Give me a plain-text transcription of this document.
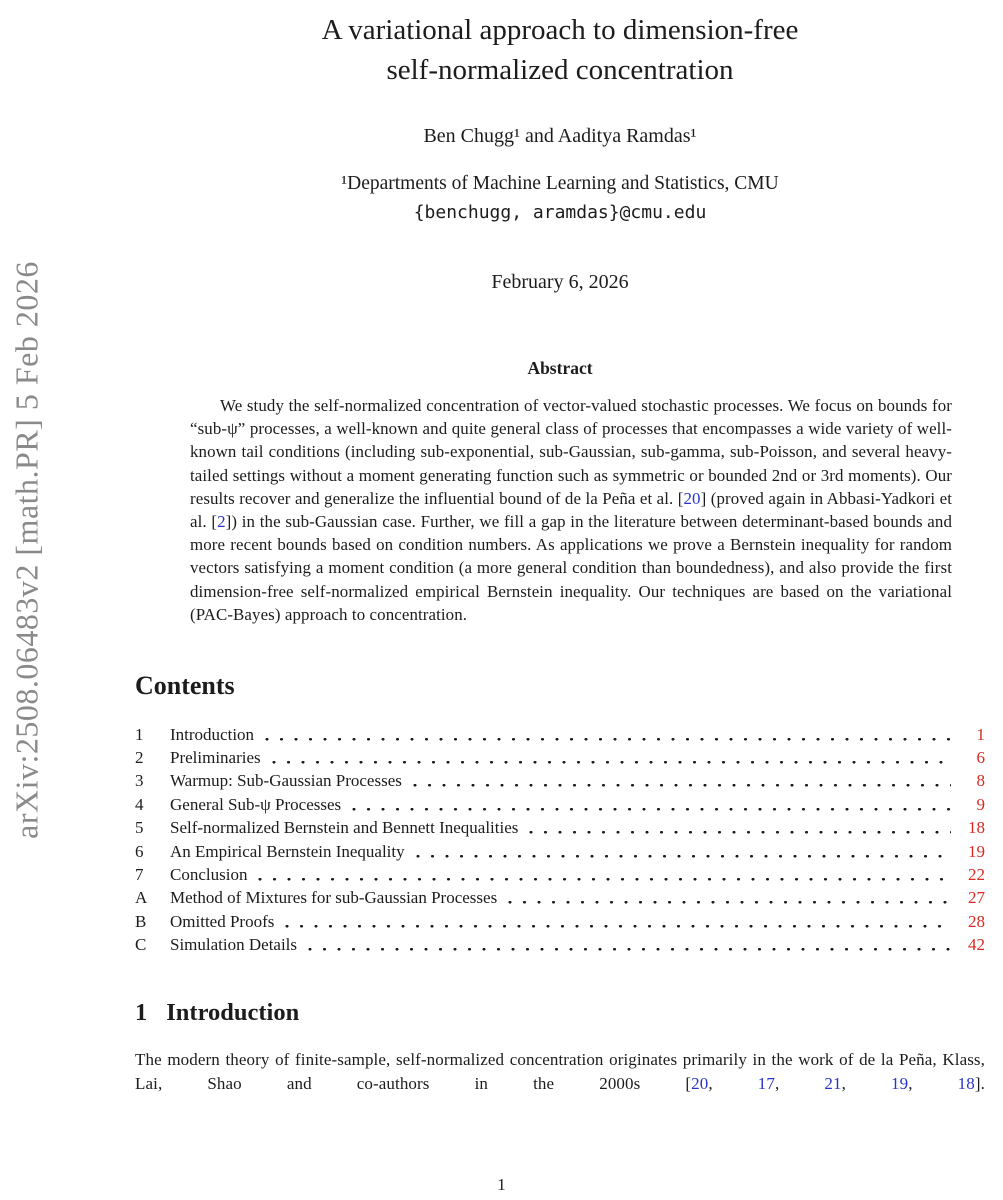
arXiv:2508.06483v2 [math.PR] 5 Feb 2026
A variational approach to dimension-free
self-normalized concentration
Ben Chugg¹ and Aaditya Ramdas¹
¹Departments of Machine Learning and Statistics, CMU
{benchugg, aramdas}@cmu.edu
February 6, 2026
Abstract

We study the self-normalized concentration of vector-valued stochastic processes. We focus on bounds for “sub-ψ” processes, a well-known and quite general class of processes that encompasses a wide variety of well-known tail conditions (including sub-exponential, sub-Gaussian, sub-gamma, sub-Poisson, and several heavy-tailed settings without a moment generating function such as symmetric or bounded 2nd or 3rd moments). Our results recover and generalize the influential bound of de la Peña et al. [20] (proved again in Abbasi-Yadkori et al. [2]) in the sub-Gaussian case. Further, we fill a gap in the literature between determinant-based bounds and more recent bounds based on condition numbers. As applications we prove a Bernstein inequality for random vectors satisfying a moment condition (a more general condition than boundedness), and also provide the first dimension-free self-normalized empirical Bernstein inequality. Our techniques are based on the variational (PAC-Bayes) approach to concentration.

Contents
1	Introduction	1
2	Preliminaries	6
3	Warmup: Sub-Gaussian Processes	8
4	General Sub-ψ Processes	9
5	Self-normalized Bernstein and Bennett Inequalities	18
6	An Empirical Bernstein Inequality	19
7	Conclusion	22
A	Method of Mixtures for sub-Gaussian Processes	27
B	Omitted Proofs	28
C	Simulation Details	42
1 Introduction

The modern theory of finite-sample, self-normalized concentration originates primarily in the work of de la Peña, Klass, Lai, Shao and co-authors in the 2000s [20, 17, 21, 19, 18].

1
